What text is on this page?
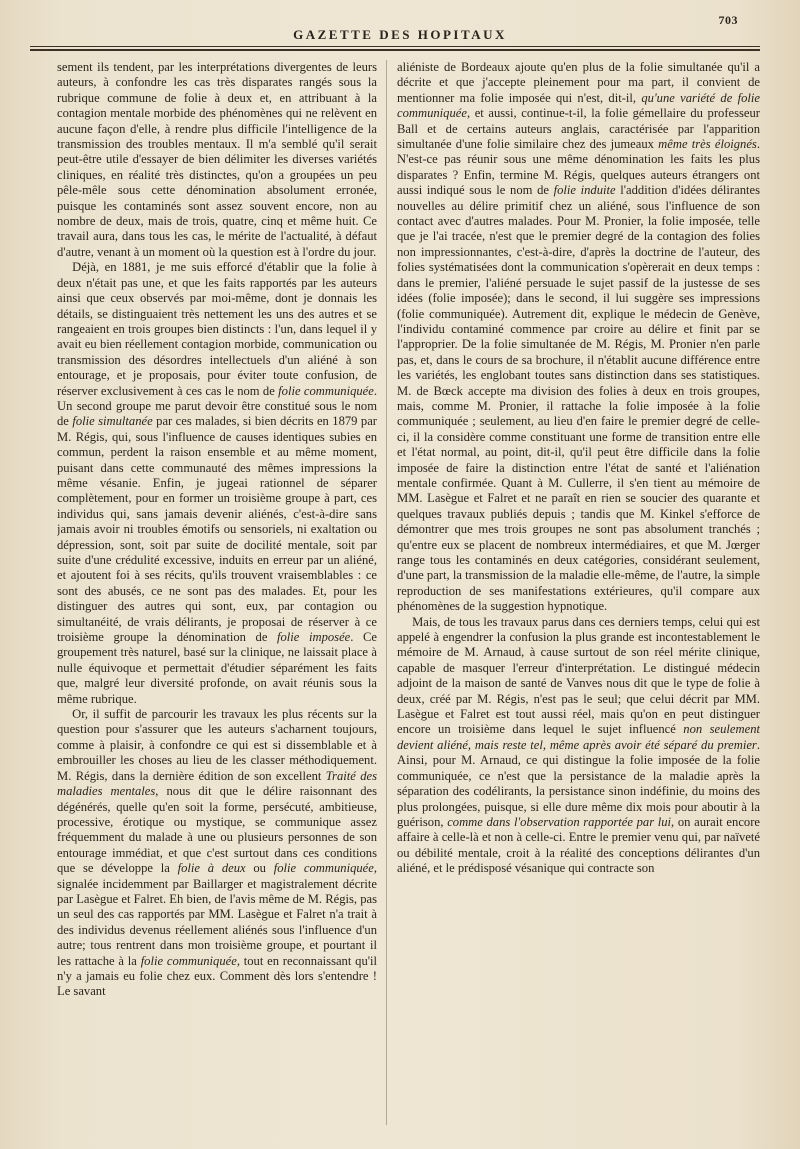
703
GAZETTE DES HOPITAUX

sement ils tendent, par les interprétations divergentes de leurs auteurs, à confondre les cas très disparates rangés sous la rubrique commune de folie à deux et, en attribuant à la contagion mentale morbide des phénomènes qui ne relèvent en aucune façon d'elle, à rendre plus difficile l'intelligence de la transmission des troubles mentaux. Il m'a semblé qu'il serait peut-être utile d'essayer de bien délimiter les diverses variétés cliniques, en réalité très distinctes, qu'on a groupées un peu pêle-mêle sous cette dénomination absolument erronée, puisque les contaminés sont assez souvent encore, non au nombre de deux, mais de trois, quatre, cinq et même huit. Ce travail aura, dans tous les cas, le mérite de l'actualité, à défaut d'autre, venant à un moment où la question est à l'ordre du jour.

Déjà, en 1881, je me suis efforcé d'établir que la folie à deux n'était pas une, et que les faits rapportés par les auteurs ainsi que ceux observés par moi-même, dont je donnais les détails, se distinguaient très nettement les uns des autres et se rangeaient en trois groupes bien distincts : l'un, dans lequel il y avait eu bien réellement contagion morbide, communication ou transmission des désordres intellectuels d'un aliéné à son entourage, et je proposais, pour éviter toute confusion, de réserver exclusivement à ces cas le nom de folie communiquée. Un second groupe me parut devoir être constitué sous le nom de folie simultanée par ces malades, si bien décrits en 1879 par M. Régis, qui, sous l'influence de causes identiques subies en commun, perdent la raison ensemble et au même moment, puisant dans cette communauté des mêmes impressions la même vésanie. Enfin, je jugeai rationnel de séparer complètement, pour en former un troisième groupe à part, ces individus qui, sans jamais devenir aliénés, c'est-à-dire sans jamais avoir ni troubles émotifs ou sensoriels, ni exaltation ou dépression, sont, soit par suite de docilité mentale, soit par suite d'une crédulité excessive, induits en erreur par un aliéné, et ajoutent foi à ses récits, qu'ils trouvent vraisemblables : ce sont des abusés, ce ne sont pas des malades. Et, pour les distinguer des autres qui sont, eux, par contagion ou simultanéité, de vrais délirants, je proposai de réserver à ce troisième groupe la dénomination de folie imposée. Ce groupement très naturel, basé sur la clinique, ne laissait place à nulle équivoque et permettait d'étudier séparément les faits que, malgré leur diversité profonde, on avait réunis sous la même rubrique.

Or, il suffit de parcourir les travaux les plus récents sur la question pour s'assurer que les auteurs s'acharnent toujours, comme à plaisir, à confondre ce qui est si dissemblable et à embrouiller les choses au lieu de les classer méthodiquement. M. Régis, dans la dernière édition de son excellent Traité des maladies mentales, nous dit que le délire raisonnant des dégénérés, quelle qu'en soit la forme, persécuté, ambitieuse, processive, érotique ou mystique, se communique assez fréquemment du malade à une ou plusieurs personnes de son entourage immédiat, et que c'est surtout dans ces conditions que se développe la folie à deux ou folie communiquée, signalée incidemment par Baillarger et magistralement décrite par Lasègue et Falret. Eh bien, de l'avis même de M. Régis, pas un seul des cas rapportés par MM. Lasègue et Falret n'a trait à des individus devenus réellement aliénés sous l'influence d'un autre; tous rentrent dans mon troisième groupe, et pourtant il les rattache à la folie communiquée, tout en reconnaissant qu'il n'y a jamais eu folie chez eux. Comment dès lors s'entendre ! Le savant

aliéniste de Bordeaux ajoute qu'en plus de la folie simultanée qu'il a décrite et que j'accepte pleinement pour ma part, il convient de mentionner ma folie imposée qui n'est, dit-il, qu'une variété de folie communiquée, et aussi, continue-t-il, la folie gémellaire du professeur Ball et de certains auteurs anglais, caractérisée par l'apparition simultanée d'une folie similaire chez des jumeaux même très éloignés. N'est-ce pas réunir sous une même dénomination les faits les plus disparates ? Enfin, termine M. Régis, quelques auteurs étrangers ont aussi indiqué sous le nom de folie induite l'addition d'idées délirantes nouvelles au délire primitif chez un aliéné, sous l'influence de son contact avec d'autres malades. Pour M. Pronier, la folie imposée, telle que je l'ai tracée, n'est que le premier degré de la contagion des folies non impressionnantes, c'est-à-dire, d'après la doctrine de l'auteur, des folies systématisées dont la communication s'opèrerait en deux temps : dans le premier, l'aliéné persuade le sujet passif de la justesse de ses idées (folie imposée); dans le second, il lui suggère ses impressions (folie communiquée). Autrement dit, explique le médecin de Genève, l'individu contaminé commence par croire au délire et finit par se l'approprier. De la folie simultanée de M. Régis, M. Pronier n'en parle pas, et, dans le cours de sa brochure, il n'établit aucune différence entre les variétés, les englobant toutes sans distinction dans ses statistiques. M. de Bœck accepte ma division des folies à deux en trois groupes, mais, comme M. Pronier, il rattache la folie imposée à la folie communiquée ; seulement, au lieu d'en faire le premier degré de celle-ci, il la considère comme constituant une forme de transition entre elle et l'état normal, au point, dit-il, qu'il peut être difficile dans la folie imposée de faire la distinction entre l'état de santé et l'aliénation mentale confirmée. Quant à M. Cullerre, il s'en tient au mémoire de MM. Lasègue et Falret et ne paraît en rien se soucier des quarante et quelques travaux publiés depuis ; tandis que M. Kinkel s'efforce de démontrer que mes trois groupes ne sont pas absolument tranchés ; qu'entre eux se placent de nombreux intermédiaires, et que M. Jœrger range tous les contaminés en deux catégories, considérant seulement, d'une part, la transmission de la maladie elle-même, de l'autre, la simple reproduction de ses manifestations extérieures, qu'il compare aux phénomènes de la suggestion hypnotique.

Mais, de tous les travaux parus dans ces derniers temps, celui qui est appelé à engendrer la confusion la plus grande est incontestablement le mémoire de M. Arnaud, à cause surtout de son réel mérite clinique, capable de masquer l'erreur d'interprétation. Le distingué médecin adjoint de la maison de santé de Vanves nous dit que le type de folie à deux, créé par M. Régis, n'est pas le seul; que celui décrit par MM. Lasègue et Falret est tout aussi réel, mais qu'on en peut distinguer encore un troisième dans lequel le sujet influencé non seulement devient aliéné, mais reste tel, même après avoir été séparé du premier. Ainsi, pour M. Arnaud, ce qui distingue la folie imposée de la folie communiquée, ce n'est que la persistance de la maladie après la séparation des codélirants, la persistance sinon indéfinie, du moins des plus prolongées, puisque, si elle dure même dix mois pour aboutir à la guérison, comme dans l'observation rapportée par lui, on aurait encore affaire à celle-là et non à celle-ci. Entre le premier venu qui, par naïveté ou débilité mentale, croit à la réalité des conceptions délirantes d'un aliéné, et le prédisposé vésanique qui contracte son
